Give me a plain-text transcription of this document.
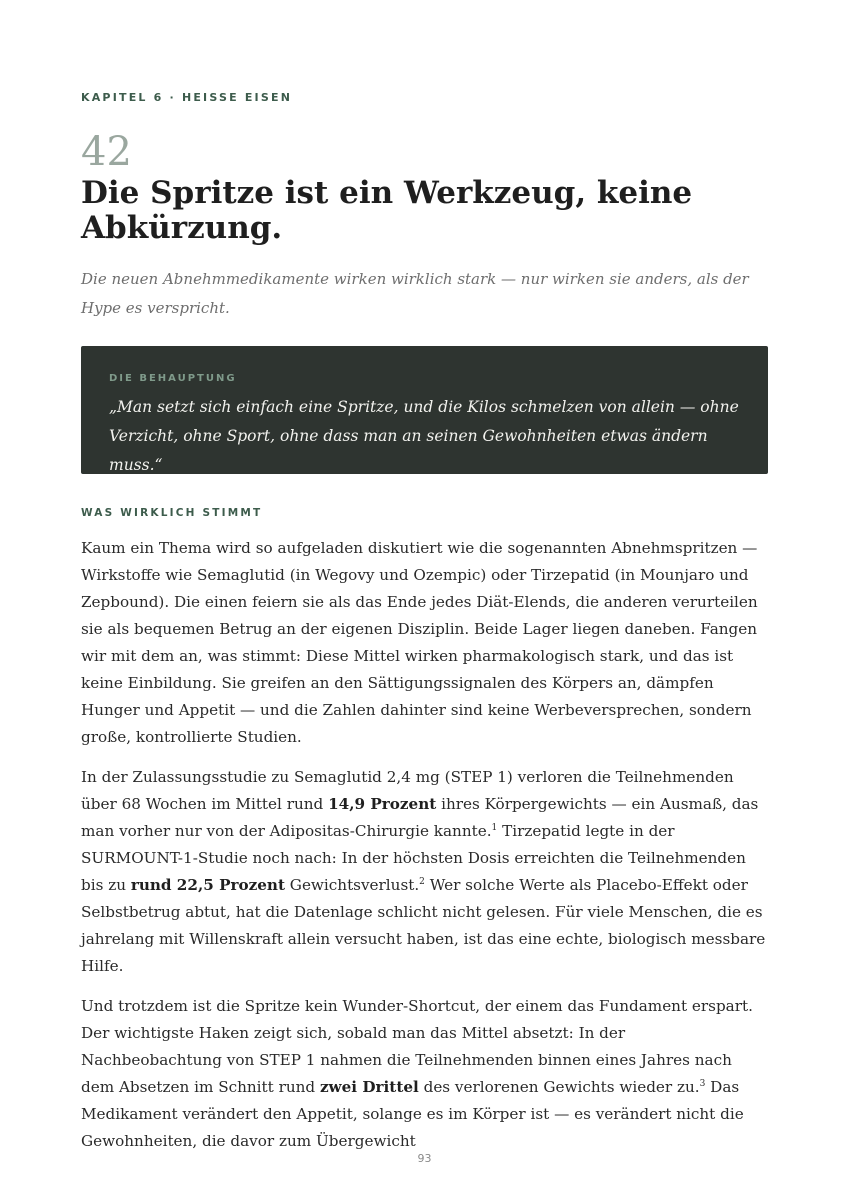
KAPITEL 6 · HEISSE EISEN
42
Die Spritze ist ein Werkzeug, keine Abkürzung.
Die neuen Abnehmmedikamente wirken wirklich stark — nur wirken sie anders, als der Hype es verspricht.
DIE BEHAUPTUNG
„Man setzt sich einfach eine Spritze, und die Kilos schmelzen von allein — ohne Verzicht, ohne Sport, ohne dass man an seinen Gewohnheiten etwas ändern muss.“
WAS WIRKLICH STIMMT

Kaum ein Thema wird so aufgeladen diskutiert wie die sogenannten Abnehmspritzen — Wirkstoffe wie Semaglutid (in Wegovy und Ozempic) oder Tirzepatid (in Mounjaro und Zepbound). Die einen feiern sie als das Ende jedes Diät-Elends, die anderen verurteilen sie als bequemen Betrug an der eigenen Disziplin. Beide Lager liegen daneben. Fangen wir mit dem an, was stimmt: Diese Mittel wirken pharmakologisch stark, und das ist keine Einbildung. Sie greifen an den Sättigungssignalen des Körpers an, dämpfen Hunger und Appetit — und die Zahlen dahinter sind keine Werbeversprechen, sondern große, kontrollierte Studien.

In der Zulassungsstudie zu Semaglutid 2,4 mg (STEP 1) verloren die Teilnehmenden über 68 Wochen im Mittel rund 14,9 Prozent ihres Körpergewichts — ein Ausmaß, das man vorher nur von der Adipositas-Chirurgie kannte.$^1$ Tirzepatid legte in der SURMOUNT-1-Studie noch nach: In der höchsten Dosis erreichten die Teilnehmenden bis zu rund 22,5 Prozent Gewichtsverlust.$^2$ Wer solche Werte als Placebo-Effekt oder Selbstbetrug abtut, hat die Datenlage schlicht nicht gelesen. Für viele Menschen, die es jahrelang mit Willenskraft allein versucht haben, ist das eine echte, biologisch messbare Hilfe.

Und trotzdem ist die Spritze kein Wunder-Shortcut, der einem das Fundament erspart. Der wichtigste Haken zeigt sich, sobald man das Mittel absetzt: In der Nachbeobachtung von STEP 1 nahmen die Teilnehmenden binnen eines Jahres nach dem Absetzen im Schnitt rund zwei Drittel des verlorenen Gewichts wieder zu.$^3$ Das Medikament verändert den Appetit, solange es im Körper ist — es verändert nicht die Gewohnheiten, die davor zum Übergewicht

93
